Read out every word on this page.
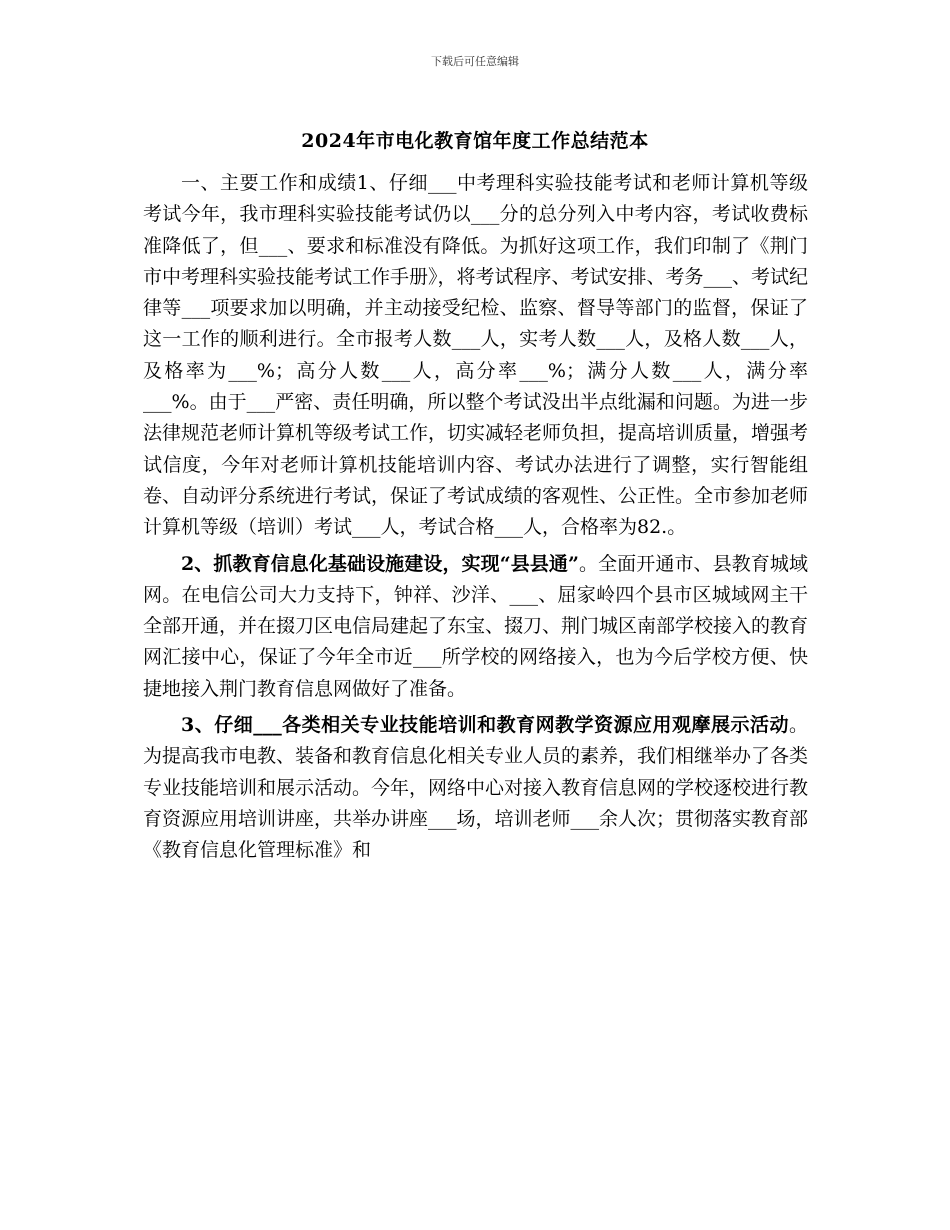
下载后可任意编辑
2024年市电化教育馆年度工作总结范本

一、主要工作和成绩1、仔细___中考理科实验技能考试和老师计算机等级考试今年，我市理科实验技能考试仍以___分的总分列入中考内容，考试收费标准降低了，但___、要求和标准没有降低。为抓好这项工作，我们印制了《荆门市中考理科实验技能考试工作手册》，将考试程序、考试安排、考务___、考试纪律等___项要求加以明确，并主动接受纪检、监察、督导等部门的监督，保证了这一工作的顺利进行。全市报考人数___人，实考人数___人，及格人数___人，及格率为___%；高分人数___人，高分率___%；满分人数___人，满分率___%。由于___严密、责任明确，所以整个考试没出半点纰漏和问题。为进一步法律规范老师计算机等级考试工作，切实减轻老师负担，提高培训质量，增强考试信度，今年对老师计算机技能培训内容、考试办法进行了调整，实行智能组卷、自动评分系统进行考试，保证了考试成绩的客观性、公正性。全市参加老师计算机等级（培训）考试___人，考试合格___人，合格率为82.。

2、抓教育信息化基础设施建设，实现“县县通”。全面开通市、县教育城域网。在电信公司大力支持下，钟祥、沙洋、___、屈家岭四个县市区城域网主干全部开通，并在掇刀区电信局建起了东宝、掇刀、荆门城区南部学校接入的教育网汇接中心，保证了今年全市近___所学校的网络接入，也为今后学校方便、快捷地接入荆门教育信息网做好了准备。

3、仔细___各类相关专业技能培训和教育网教学资源应用观摩展示活动。为提高我市电教、装备和教育信息化相关专业人员的素养，我们相继举办了各类专业技能培训和展示活动。今年，网络中心对接入教育信息网的学校逐校进行教育资源应用培训讲座，共举办讲座___场，培训老师___余人次；贯彻落实教育部《教育信息化管理标准》和
